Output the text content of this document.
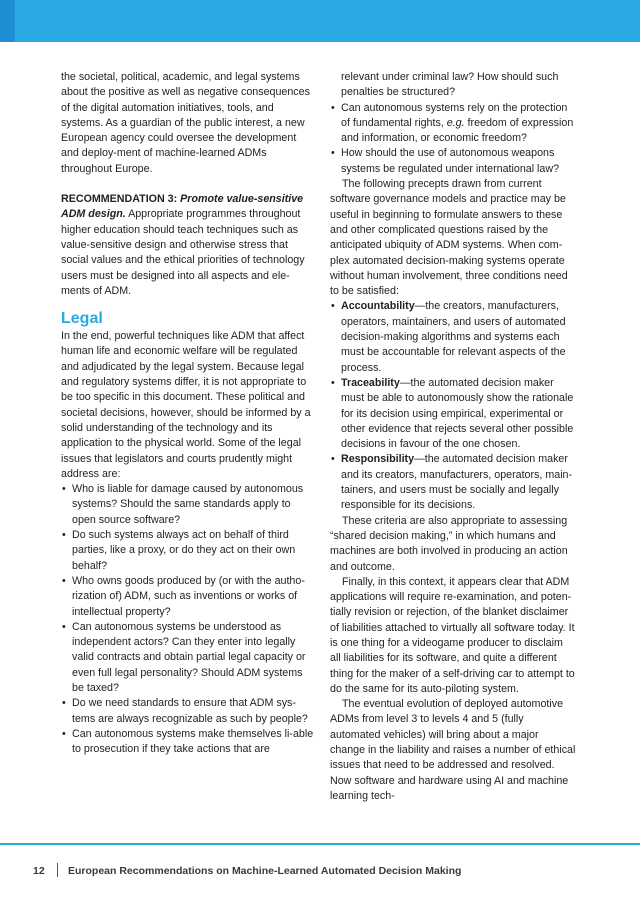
the societal, political, academic, and legal systems about the positive as well as negative consequences of the digital automation initiatives, tools, and systems. As a guardian of the public interest, a new European agency could oversee the development and deploy-ment of machine-learned ADMs throughout Europe.

RECOMMENDATION 3: Promote value-sensitive ADM design. Appropriate programmes throughout higher education should teach techniques such as value-sensitive design and otherwise stress that social values and the ethical priorities of technology users must be designed into all aspects and ele-ments of ADM.

Legal

In the end, powerful techniques like ADM that affect human life and economic welfare will be regulated and adjudicated by the legal system. Because legal and regulatory systems differ, it is not appropriate to be too specific in this document. These political and societal decisions, however, should be informed by a solid understanding of the technology and its application to the physical world. Some of the legal issues that legislators and courts prudently might address are:

• Who is liable for damage caused by autonomous systems? Should the same standards apply to open source software?
• Do such systems always act on behalf of third parties, like a proxy, or do they act on their own behalf?
• Who owns goods produced by (or with the autho-rization of) ADM, such as inventions or works of intellectual property?
• Can autonomous systems be understood as independent actors? Can they enter into legally valid contracts and obtain partial legal capacity or even full legal personality? Should ADM systems be taxed?
• Do we need standards to ensure that ADM sys-tems are always recognizable as such by people?
• Can autonomous systems make themselves li-able to prosecution if they take actions that are
relevant under criminal law? How should such penalties be structured?
• Can autonomous systems rely on the protection of fundamental rights, e.g. freedom of expression and information, or economic freedom?
• How should the use of autonomous weapons systems be regulated under international law?

The following precepts drawn from current software governance models and practice may be useful in beginning to formulate answers to these and other complicated questions raised by the anticipated ubiquity of ADM systems. When com-plex automated decision-making systems operate without human involvement, three conditions need to be satisfied:

• Accountability—the creators, manufacturers, operators, maintainers, and users of automated decision-making algorithms and systems each must be accountable for relevant aspects of the process.
• Traceability—the automated decision maker must be able to autonomously show the rationale for its decision using empirical, experimental or other evidence that rejects several other possible decisions in favour of the one chosen.
• Responsibility—the automated decision maker and its creators, manufacturers, operators, main-tainers, and users must be socially and legally responsible for its decisions.

These criteria are also appropriate to assessing “shared decision making,” in which humans and machines are both involved in producing an action and outcome.

Finally, in this context, it appears clear that ADM applications will require re-examination, and poten-tially revision or rejection, of the blanket disclaimer of liabilities attached to virtually all software today. It is one thing for a videogame producer to disclaim all liabilities for its software, and quite a different thing for the maker of a self-driving car to attempt to do the same for its auto-piloting system.

The eventual evolution of deployed automotive ADMs from level 3 to levels 4 and 5 (fully automated vehicles) will bring about a major change in the liability and raises a number of ethical issues that need to be addressed and resolved. Now software and hardware using AI and machine learning tech-

12 European Recommendations on Machine-Learned Automated Decision Making
